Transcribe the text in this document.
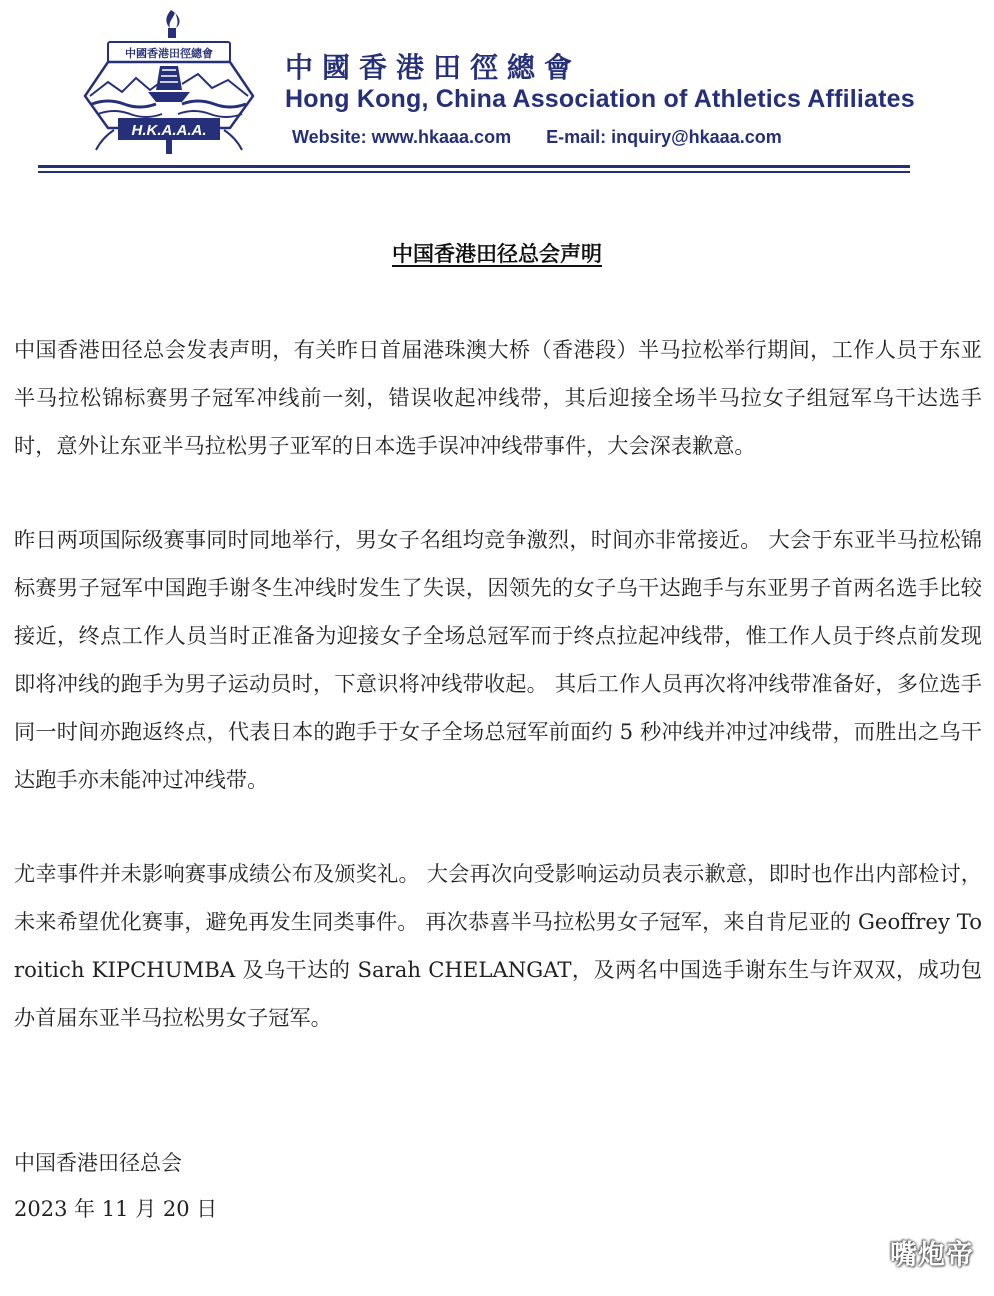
中國香港田徑總會
H.K.A.A.A.
中國香港田徑總會
Hong Kong, China Association of Athletics Affiliates
Website: www.hkaaa.com E-mail: inquiry@hkaaa.com
中国香港田径总会声明

中国香港田径总会发表声明，有关昨日首届港珠澳大桥（香港段）半马拉松举行期间，工作人员于东亚半马拉松锦标赛男子冠军冲线前一刻，错误收起冲线带，其后迎接全场半马拉女子组冠军乌干达选手时，意外让东亚半马拉松男子亚军的日本选手误冲冲线带事件，大会深表歉意。

昨日两项国际级赛事同时同地举行，男女子名组均竞争激烈，时间亦非常接近。 大会于东亚半马拉松锦标赛男子冠军中国跑手谢冬生冲线时发生了失误，因领先的女子乌干达跑手与东亚男子首两名选手比较接近，终点工作人员当时正准备为迎接女子全场总冠军而于终点拉起冲线带，惟工作人员于终点前发现即将冲线的跑手为男子运动员时，下意识将冲线带收起。 其后工作人员再次将冲线带准备好，多位选手同一时间亦跑返终点，代表日本的跑手于女子全场总冠军前面约 5 秒冲线并冲过冲线带，而胜出之乌干达跑手亦未能冲过冲线带。

尤幸事件并未影响赛事成绩公布及颁奖礼。 大会再次向受影响运动员表示歉意，即时也作出内部检讨，未来希望优化赛事，避免再发生同类事件。 再次恭喜半马拉松男女子冠军，来自肯尼亚的 Geoffrey Toroitich KIPCHUMBA 及乌干达的 Sarah CHELANGAT，及两名中国选手谢东生与许双双，成功包办首届东亚半马拉松男女子冠军。

中国香港田径总会
2023 年 11 月 20 日
嘴炮帝
